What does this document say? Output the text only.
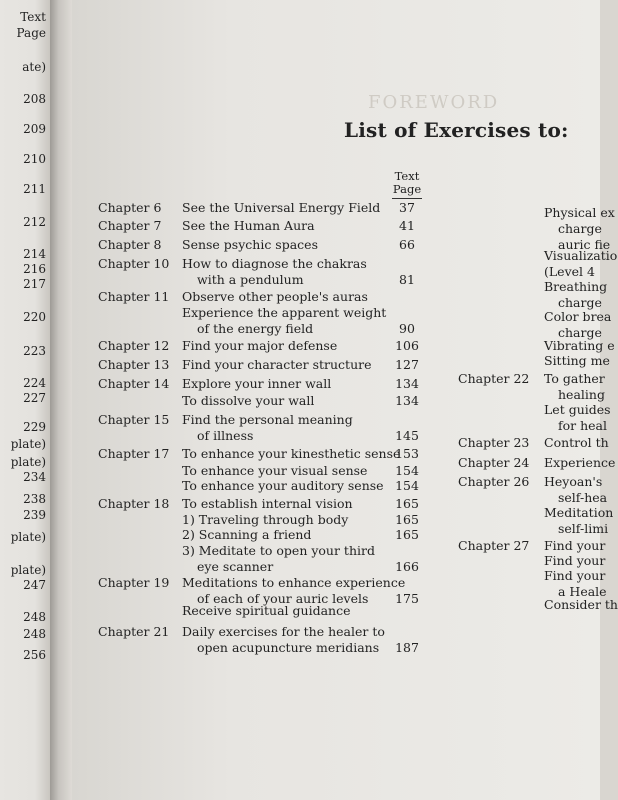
Text
Page
ate)
208
209
210
211
212
214
216
217
220
223
224
227
229
plate)
plate)
234
238
239
plate)
plate)
247
248
248
256
FOREWORD
List of Exercises to:
Text
Page
Chapter 6 See the Universal Energy Field	37
Chapter 7 See the Human Aura	41
Chapter 8 Sense psychic spaces	66
Chapter 10 How to diagnose the chakras
with a pendulum	81
Chapter 11 Observe other people's auras
Experience the apparent weight
of the energy field	90
Chapter 12 Find your major defense	106
Chapter 13 Find your character structure 127
Chapter 14 Explore your inner wall	134
To dissolve your wall	134
Chapter 15 Find the personal meaning
of illness	145
Chapter 17 To enhance your kinesthetic sense
153
To enhance your visual sense 154
To enhance your auditory sense 154
Chapter 18 To establish internal vision	165
1) Traveling through body	165
2) Scanning a friend	165
3) Meditate to open your third
eye scanner	166
Chapter 19 Meditations to enhance experience
of each of your auric levels	175
Receive spiritual guidance
Chapter 21 Daily exercises for the healer to
open acupuncture meridians	187
Physical ex
charge
auric fie
Visualizatio
(Level 4
Breathing
charge
Color brea
charge
Vibrating e
Sitting me
Chapter 22 To gather
healing
Let guides
for heal
Chapter 23 Control th
Chapter 24 Experience
Chapter 26 Heyoan's
self-hea
Meditation
self-limi
Chapter 27 Find your
Find your
Find your
a Heale
Consider th
